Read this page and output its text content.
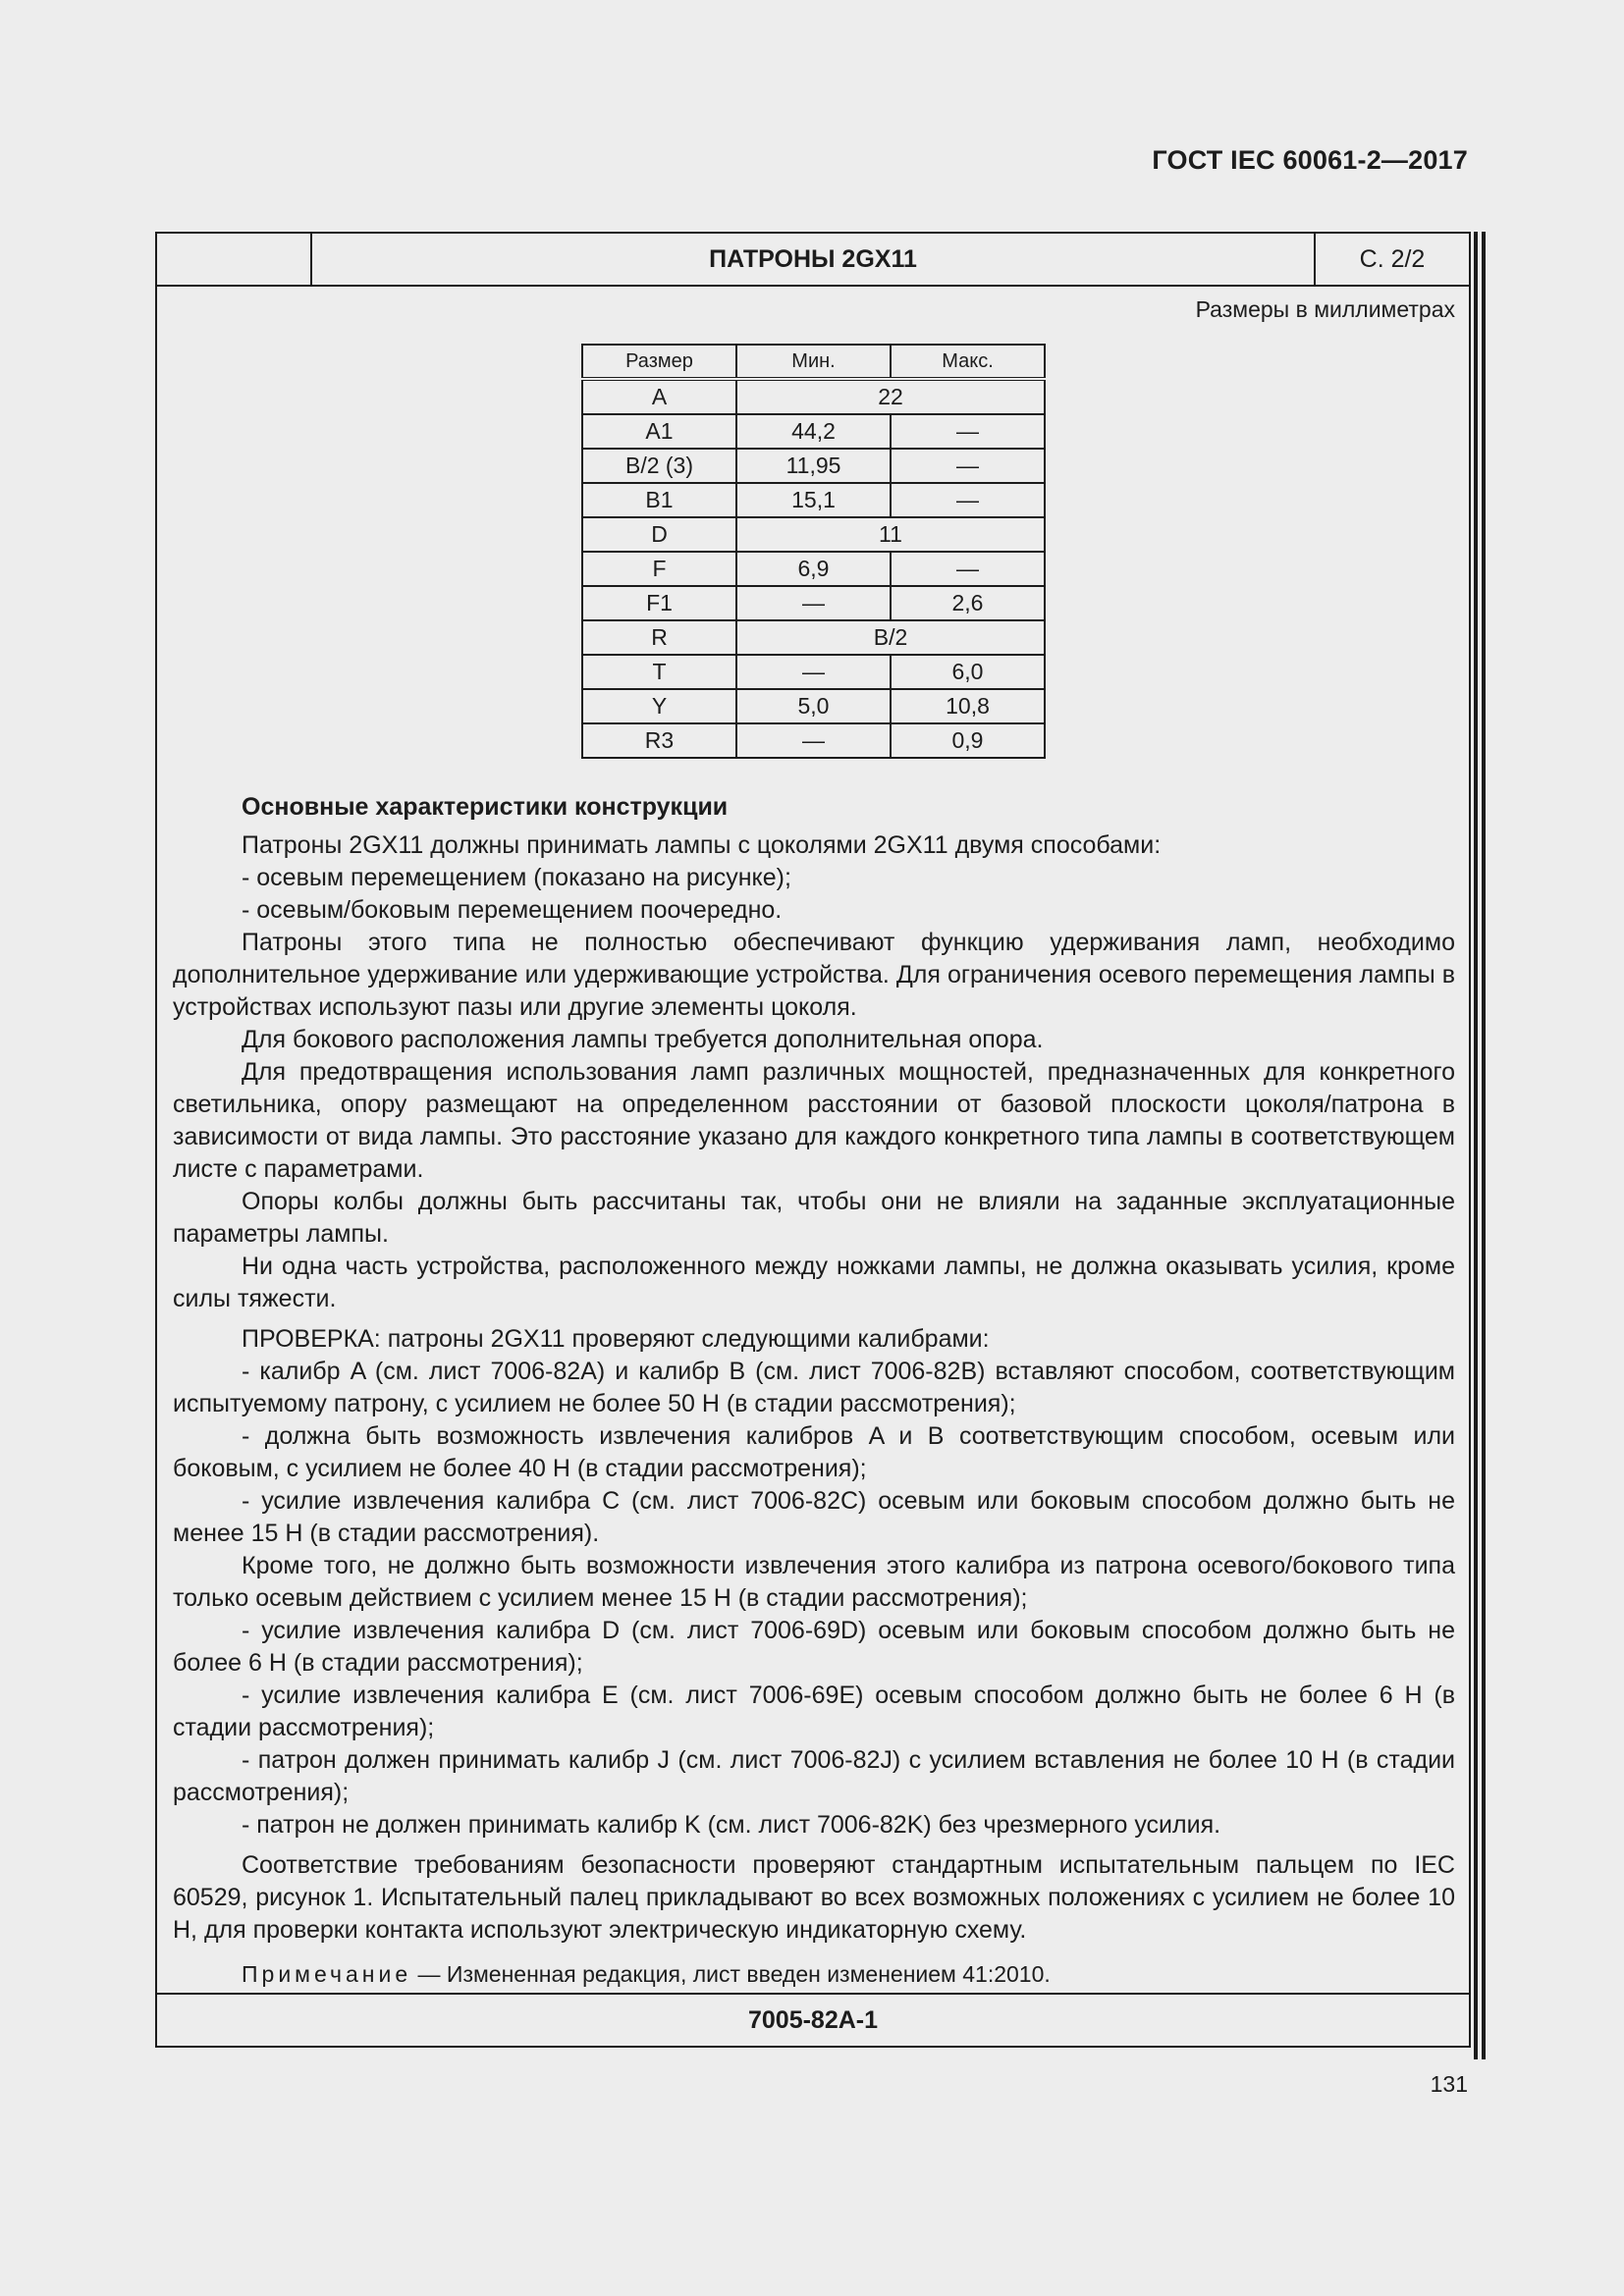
ГОСТ IEC 60061-2—2017
ПАТРОНЫ 2GX11	С. 2/2
Размеры в миллиметрах
Размер	Мин.	Макс.
A	22	
A1	44,2	—
B/2 (3)	11,95	—
B1	15,1	—
D	11	
F	6,9	—
F1	—	2,6
R	B/2	
T	—	6,0
Y	5,0	10,8
R3	—	0,9

Основные характеристики конструкции

Патроны 2GX11 должны принимать лампы с цоколями 2GX11 двумя способами:

- осевым перемещением (показано на рисунке);

- осевым/боковым перемещением поочередно.

Патроны этого типа не полностью обеспечивают функцию удерживания ламп, необходимо дополнительное удерживание или удерживающие устройства. Для ограничения осевого перемещения лампы в устройствах используют пазы или другие элементы цоколя.

Для бокового расположения лампы требуется дополнительная опора.

Для предотвращения использования ламп различных мощностей, предназначенных для конкретного светильника, опору размещают на определенном расстоянии от базовой плоскости цоколя/патрона в зависимости от вида лампы. Это расстояние указано для каждого конкретного типа лампы в соответствующем листе с параметрами.

Опоры колбы должны быть рассчитаны так, чтобы они не влияли на заданные эксплуатационные параметры лампы.

Ни одна часть устройства, расположенного между ножками лампы, не должна оказывать усилия, кроме силы тяжести.

ПРОВЕРКА: патроны 2GX11 проверяют следующими калибрами:

- калибр A (см. лист 7006-82A) и калибр B (см. лист 7006-82B) вставляют способом, соответствующим испытуемому патрону, с усилием не более 50 Н (в стадии рассмотрения);

- должна быть возможность извлечения калибров A и B соответствующим способом, осевым или боковым, с усилием не более 40 Н (в стадии рассмотрения);

- усилие извлечения калибра C (см. лист 7006-82C) осевым или боковым способом должно быть не менее 15 Н (в стадии рассмотрения).

Кроме того, не должно быть возможности извлечения этого калибра из патрона осевого/бокового типа только осевым действием с усилием менее 15 Н (в стадии рассмотрения);

- усилие извлечения калибра D (см. лист 7006-69D) осевым или боковым способом должно быть не более 6 Н (в стадии рассмотрения);

- усилие извлечения калибра E (см. лист 7006-69E) осевым способом должно быть не более 6 Н (в стадии рассмотрения);

- патрон должен принимать калибр J (см. лист 7006-82J) с усилием вставления не более 10 Н (в стадии рассмотрения);

- патрон не должен принимать калибр K (см. лист 7006-82K) без чрезмерного усилия.

Соответствие требованиям безопасности проверяют стандартным испытательным пальцем по IEC 60529, рисунок 1. Испытательный палец прикладывают во всех возможных положениях с усилием не более 10 Н, для проверки контакта используют электрическую индикаторную схему.

Примечание — Измененная редакция, лист введен изменением 41:2010.

7005-82A-1
131
